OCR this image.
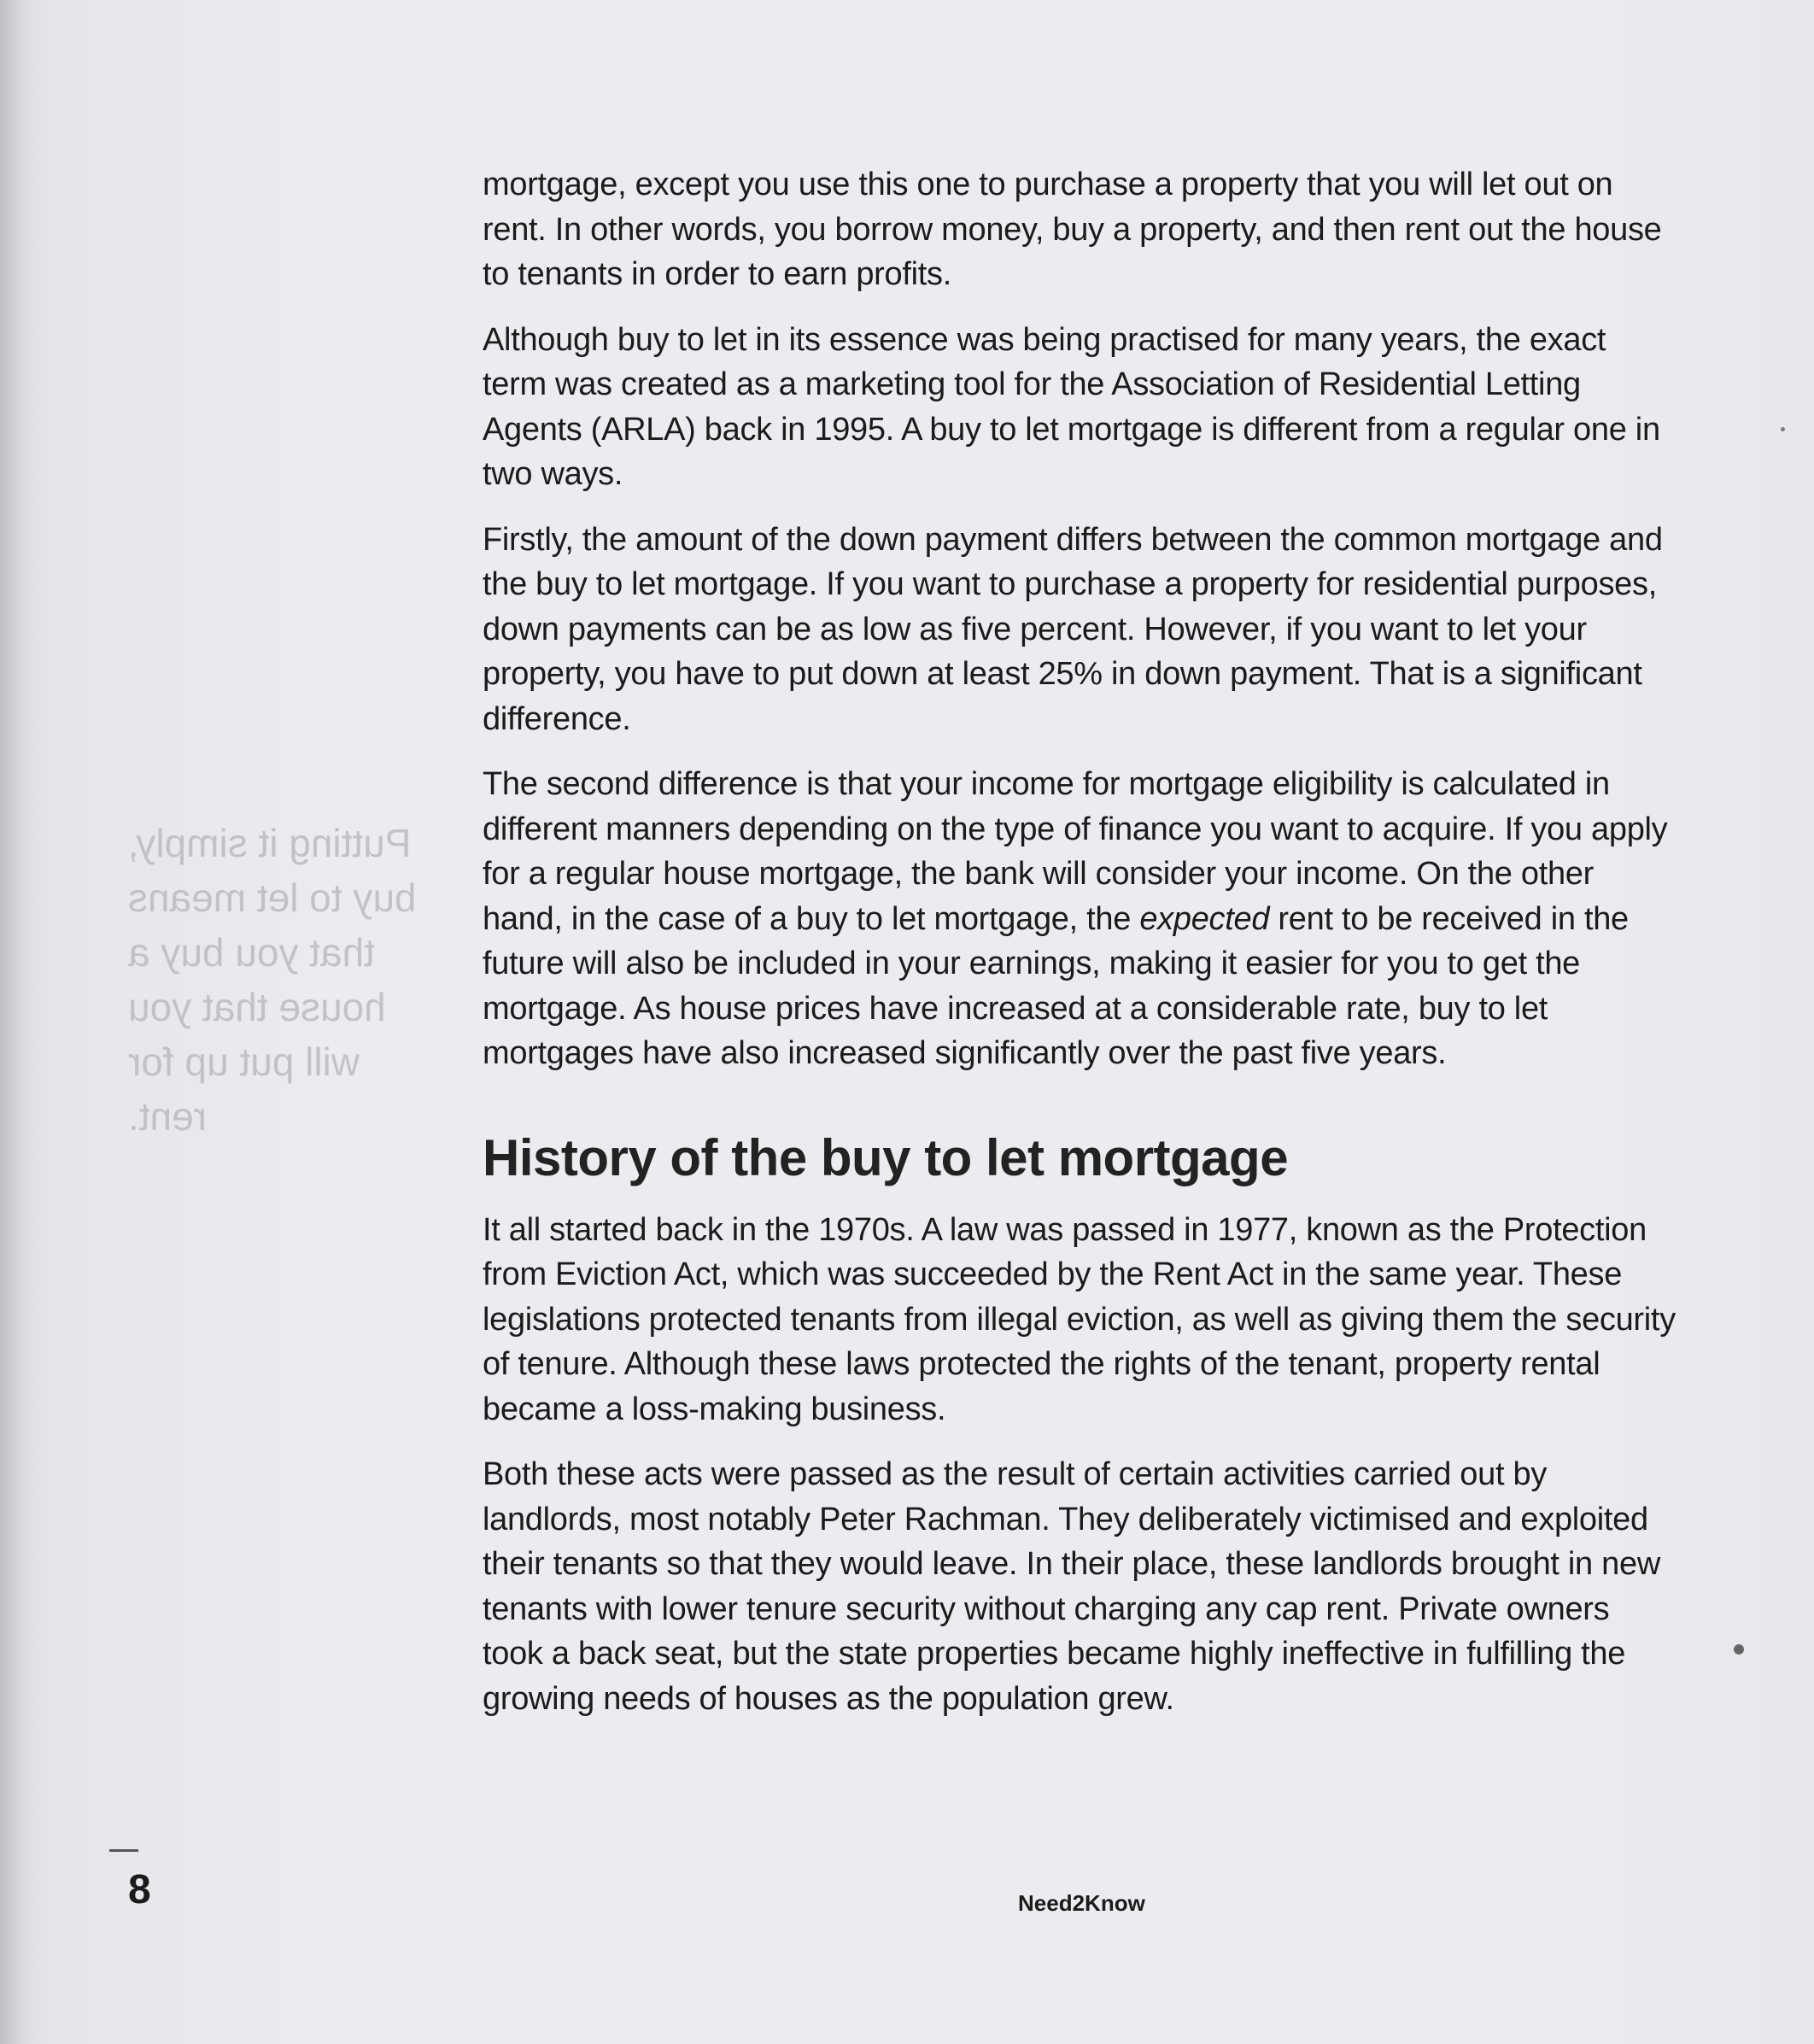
Putting it simply, buy to let means that you buy a house that you will put up for rent.

mortgage, except you use this one to purchase a property that you will let out on rent. In other words, you borrow money, buy a property, and then rent out the house to tenants in order to earn profits.

Although buy to let in its essence was being practised for many years, the exact term was created as a marketing tool for the Association of Residential Letting Agents (ARLA) back in 1995. A buy to let mortgage is different from a regular one in two ways.

Firstly, the amount of the down payment differs between the common mortgage and the buy to let mortgage. If you want to purchase a property for residential purposes, down payments can be as low as five percent. However, if you want to let your property, you have to put down at least 25% in down payment. That is a significant difference.

The second difference is that your income for mortgage eligibility is calculated in different manners depending on the type of finance you want to acquire. If you apply for a regular house mortgage, the bank will consider your income. On the other hand, in the case of a buy to let mortgage, the expected rent to be received in the future will also be included in your earnings, making it easier for you to get the mortgage. As house prices have increased at a considerable rate, buy to let mortgages have also increased significantly over the past five years.

History of the buy to let mortgage

It all started back in the 1970s. A law was passed in 1977, known as the Protection from Eviction Act, which was succeeded by the Rent Act in the same year. These legislations protected tenants from illegal eviction, as well as giving them the security of tenure. Although these laws protected the rights of the tenant, property rental became a loss-making business.

Both these acts were passed as the result of certain activities carried out by landlords, most notably Peter Rachman. They deliberately victimised and exploited their tenants so that they would leave. In their place, these landlords brought in new tenants with lower tenure security without charging any cap rent. Private owners took a back seat, but the state properties became highly ineffective in fulfilling the growing needs of houses as the population grew.

8	Need2Know
